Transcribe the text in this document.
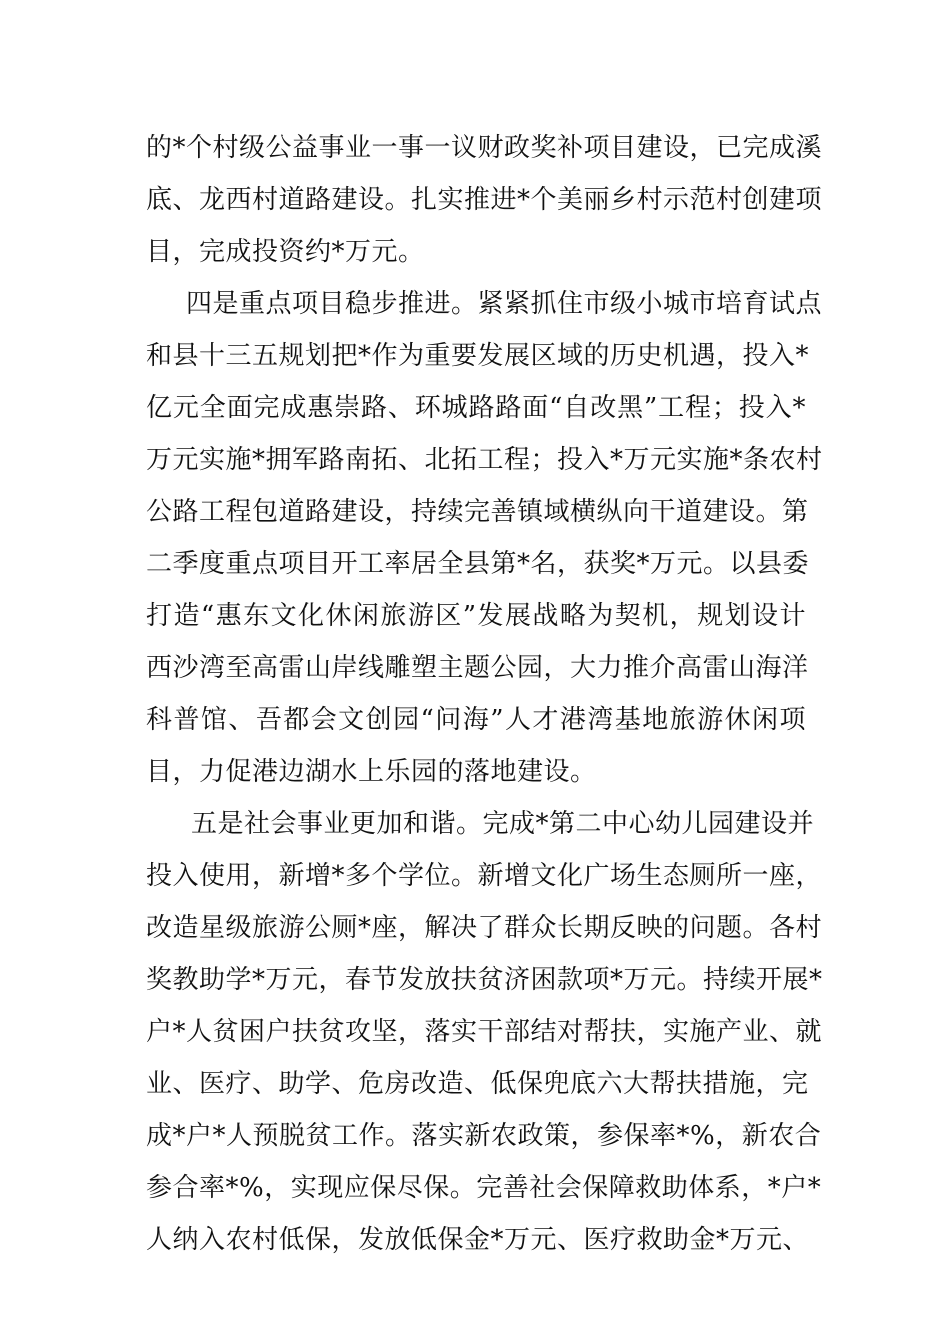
的*个村级公益事业一事一议财政奖补项目建设，已完成溪
底、龙西村道路建设。扎实推进*个美丽乡村示范村创建项
目，完成投资约*万元。
四是重点项目稳步推进。紧紧抓住市级小城市培育试点
和县十三五规划把*作为重要发展区域的历史机遇，投入*
亿元全面完成惠崇路、环城路路面“自改黑”工程；投入*
万元实施*拥军路南拓、北拓工程；投入*万元实施*条农村
公路工程包道路建设，持续完善镇域横纵向干道建设。第
二季度重点项目开工率居全县第*名，获奖*万元。以县委
打造“惠东文化休闲旅游区”发展战略为契机，规划设计
西沙湾至高雷山岸线雕塑主题公园，大力推介高雷山海洋
科普馆、吾都会文创园“问海”人才港湾基地旅游休闲项
目，力促港边湖水上乐园的落地建设。
五是社会事业更加和谐。完成*第二中心幼儿园建设并
投入使用，新增*多个学位。新增文化广场生态厕所一座，
改造星级旅游公厕*座，解决了群众长期反映的问题。各村
奖教助学*万元，春节发放扶贫济困款项*万元。持续开展*
户*人贫困户扶贫攻坚，落实干部结对帮扶，实施产业、就
业、医疗、助学、危房改造、低保兜底六大帮扶措施，完
成*户*人预脱贫工作。落实新农政策，参保率*%，新农合
参合率*%，实现应保尽保。完善社会保障救助体系，*户*
人纳入农村低保，发放低保金*万元、医疗救助金*万元、
